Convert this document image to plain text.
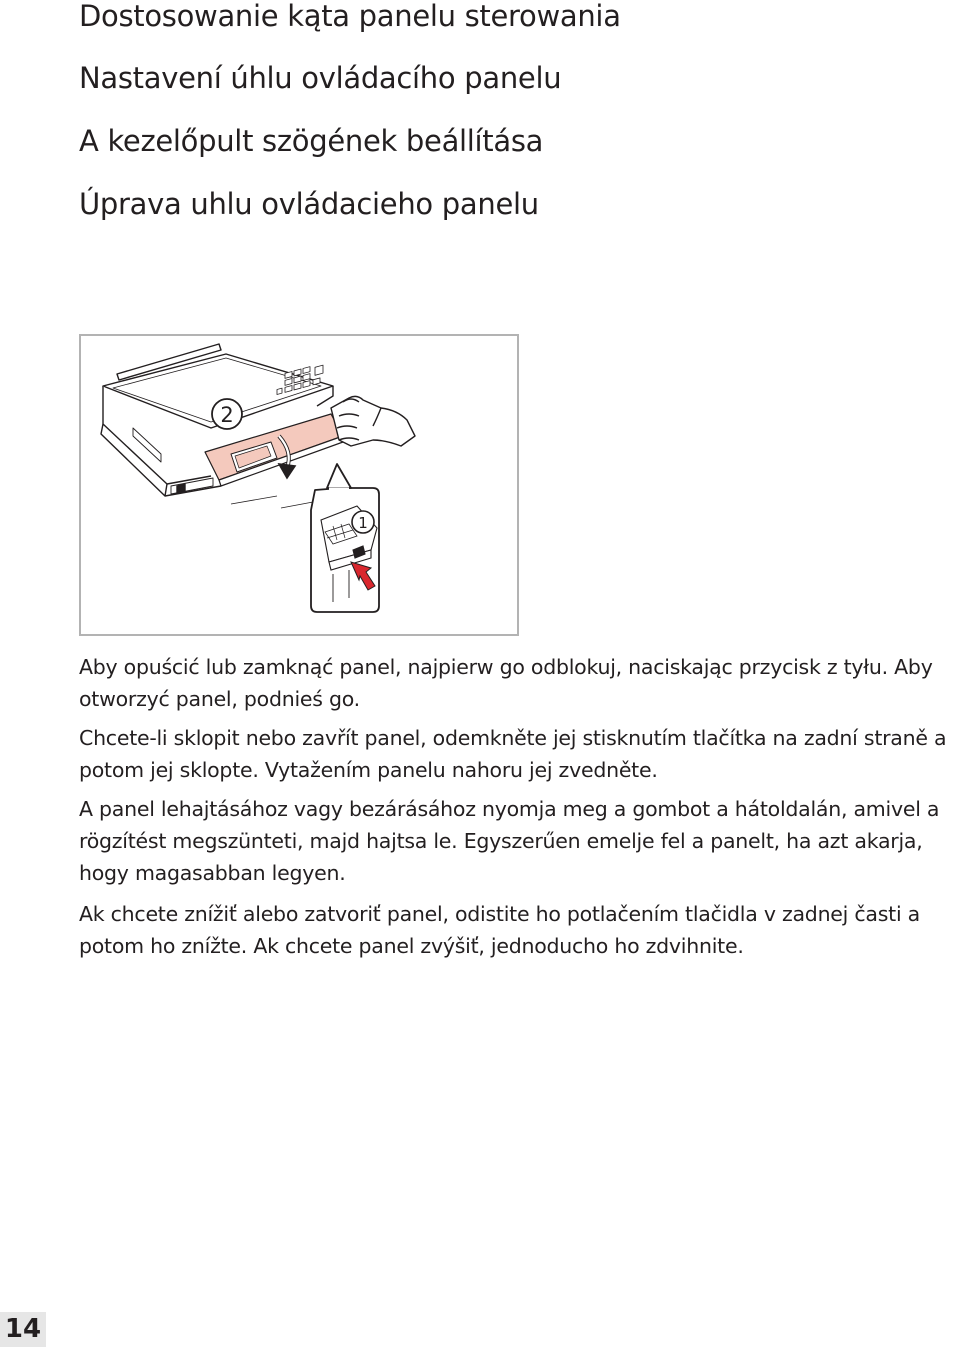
Dostosowanie kąta panelu sterowania
Nastavení úhlu ovládacího panelu
A kezelőpult szögének beállítása
Úprava uhlu ovládacieho panelu
2
1

Aby opuścić lub zamknąć panel, najpierw go odblokuj, naciskając przycisk z tyłu. Aby otworzyć panel, podnieś go.

Chcete-li sklopit nebo zavřít panel, odemkněte jej stisknutím tlačítka na zadní straně a potom jej sklopte. Vytažením panelu nahoru jej zvedněte.

A panel lehajtásához vagy bezárásához nyomja meg a gombot a hátoldalán, amivel a rögzítést megszünteti, majd hajtsa le. Egyszerűen emelje fel a panelt, ha azt akarja, hogy magasabban legyen.

Ak chcete znížiť alebo zatvoriť panel, odistite ho potlačením tlačidla v zadnej časti a potom ho znížte. Ak chcete panel zvýšiť, jednoducho ho zdvihnite.

14
